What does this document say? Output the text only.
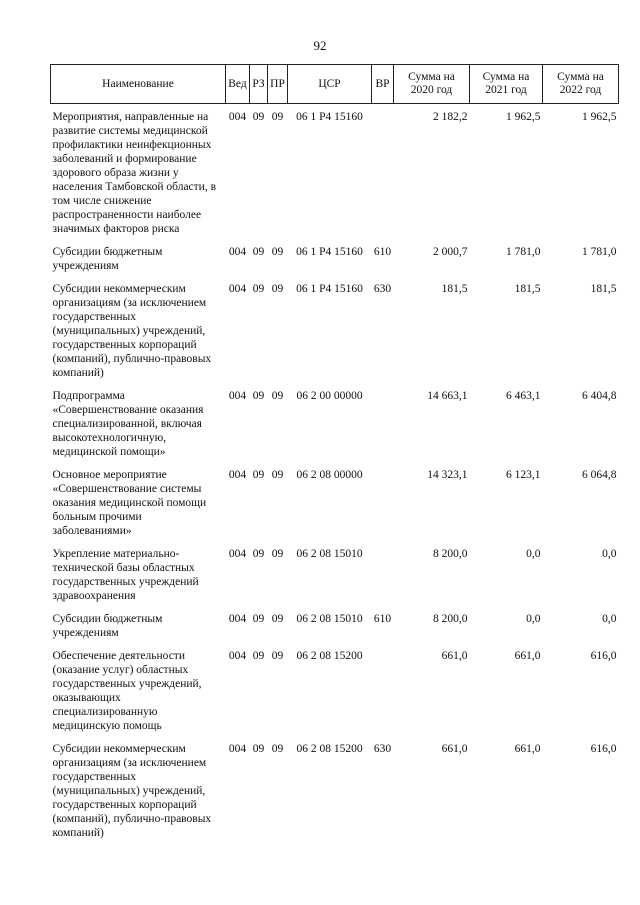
92
Наименование	Вед	РЗ	ПР	ЦСР	ВР	Сумма на 2020 год	Сумма на 2021 год	Сумма на 2022 год
Мероприятия, направленные на развитие системы медицинской профилактики неинфекционных заболеваний и формирование здорового образа жизни у населения Тамбовской области, в том числе снижение распространенности наиболее значимых факторов риска	004	09	09	06 1 P4 15160		2 182,2	1 962,5	1 962,5
Субсидии бюджетным учреждениям	004	09	09	06 1 P4 15160	610	2 000,7	1 781,0	1 781,0
Субсидии некоммерческим организациям (за исключением государственных (муниципальных) учреждений, государственных корпораций (компаний), публично-правовых компаний)	004	09	09	06 1 P4 15160	630	181,5	181,5	181,5
Подпрограмма «Совершенствование оказания специализированной, включая высокотехнологичную, медицинской помощи»	004	09	09	06 2 00 00000		14 663,1	6 463,1	6 404,8
Основное мероприятие «Совершенствование системы оказания медицинской помощи больным прочими заболеваниями»	004	09	09	06 2 08 00000		14 323,1	6 123,1	6 064,8
Укрепление материально-технической базы областных государственных учреждений здравоохранения	004	09	09	06 2 08 15010		8 200,0	0,0	0,0
Субсидии бюджетным учреждениям	004	09	09	06 2 08 15010	610	8 200,0	0,0	0,0
Обеспечение деятельности (оказание услуг) областных государственных учреждений, оказывающих специализированную медицинскую помощь	004	09	09	06 2 08 15200		661,0	661,0	616,0
Субсидии некоммерческим организациям (за исключением государственных (муниципальных) учреждений, государственных корпораций (компаний), публично-правовых компаний)	004	09	09	06 2 08 15200	630	661,0	661,0	616,0
